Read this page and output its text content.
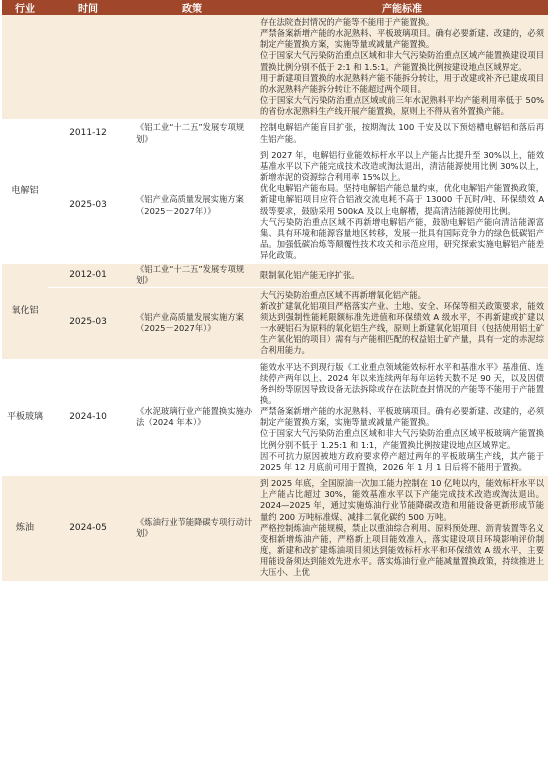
行业	时间	政策	产能标准

			存在法院查封情况的产能等不能用于产能置换。

严禁备案新增产能的水泥熟料、平板玻璃项目。确有必要新建、改建的，必须制定产能置换方案，实施等量或减量产能置换。

位于国家大气污染防治重点区域和非大气污染防治重点区域产能置换建设项目置换比例分别不低于 2:1 和 1.5:1。产能置换比例按建设地点区域界定。

用于新建项目置换的水泥熟料产能不能拆分转让，用于改建或补齐已建成项目的水泥熟料产能拆分转让不能超过两个项目。

位于国家大气污染防治重点区域或前三年水泥熟料平均产能利用率低于 50%的省份水泥熟料生产线开展产能置换，原则上不得从省外置换产能。

电解铝	2011-12	《铝工业“十二五”发展专项规划》	控制电解铝产能盲目扩张，按期淘汰 100 千安及以下预焙槽电解铝和落后再生铝产能。

	2025-03	《铝产业高质量发展实施方案（2025－2027年）》	到 2027 年，电解铝行业能效标杆水平以上产能占比提升至 30%以上，能效基准水平以下产能完成技术改造或淘汰退出，清洁能源使用比例 30%以上，新增赤泥的资源综合利用率 15%以上。

优化电解铝产能布局。坚持电解铝产能总量约束，优化电解铝产能置换政策，新建电解铝项目应符合铝液交流电耗不高于 13000 千瓦时/吨、环保绩效 A 级等要求，鼓励采用 500kA 及以上电解槽，提高清洁能源使用比例。

大气污染防治重点区域不再新增电解铝产能，鼓励电解铝产能向清洁能源富集、具有环境和能源容量地区转移，发展一批具有国际竞争力的绿色低碳铝产品。加强低碳冶炼等颠覆性技术攻关和示范应用，研究探索实施电解铝产能差异化政策。

氧化铝	2012-01	《铝工业“十二五”发展专项规划》	限制氧化铝产能无序扩张。

	2025-03	《铝产业高质量发展实施方案（2025－2027年）》	大气污染防治重点区域不再新增氧化铝产能。

新改扩建氧化铝项目严格落实产业、土地、安全、环保等相关政策要求，能效须达到强制性能耗限额标准先进值和环保绩效 A 级水平，不再新建或扩建以一水硬铝石为原料的氧化铝生产线，原则上新建氧化铝项目（包括使用铝土矿生产氧化铝的项目）需有与产能相匹配的权益铝土矿产量，具有一定的赤泥综合利用能力。

平板玻璃	2024-10	《水泥玻璃行业产能置换实施办法（2024 年本）》	能效水平达不到现行版《工业重点领域能效标杆水平和基准水平》基准值、连续停产两年以上、2024 年以来连续两年每年运转天数不足 90 天，以及因债务纠纷等原因导致设备无法拆除或存在法院查封情况的产能等不能用于产能置换。

严禁备案新增产能的水泥熟料、平板玻璃项目。确有必要新建、改建的，必须制定产能置换方案，实施等量或减量产能置换。

位于国家大气污染防治重点区域和非大气污染防治重点区域平板玻璃产能置换比例分别不低于 1.25:1 和 1:1，产能置换比例按建设地点区域界定。

因不可抗力原因被地方政府要求停产超过两年的平板玻璃生产线，其产能于 2025 年 12 月底前可用于置换，2026 年 1 月 1 日后将不能用于置换。

炼油	2024-05	《炼油行业节能降碳专项行动计划》	到 2025 年底，全国原油一次加工能力控制在 10 亿吨以内，能效标杆水平以上产能占比超过 30%，能效基准水平以下产能完成技术改造或淘汰退出。2024—2025 年，通过实施炼油行业节能降碳改造和用能设备更新形成节能量约 200 万吨标准煤、减排二氧化碳约 500 万吨。

严格控制炼油产能规模，禁止以重油综合利用、原料预处理、沥青装置等名义变相新增炼油产能，严格新上项目能效准入，落实建设项目环境影响评价制度，新建和改扩建炼油项目须达到能效标杆水平和环保绩效 A 级水平，主要用能设备须达到能效先进水平。落实炼油行业产能减量置换政策，持续推进上大压小、上优
